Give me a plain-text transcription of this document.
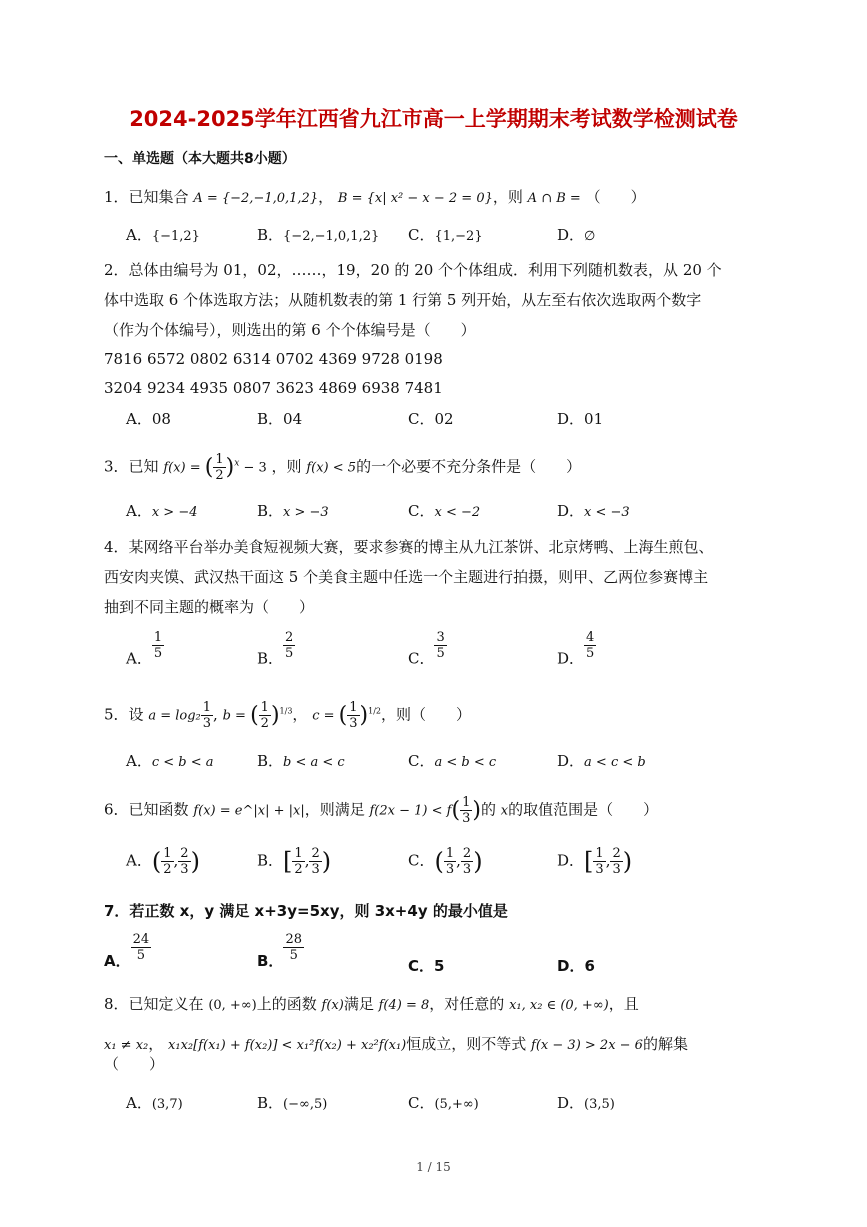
2024-2025学年江西省九江市高一上学期期末考试数学检测试卷
一、单选题（本大题共8小题）
1．已知集合 A = {−2,−1,0,1,2}， B = {x| x² − x − 2 = 0}，则 A ∩ B = （　　）
A．{−1,2}	B．{−2,−1,0,1,2} C．{1,−2}	D．∅
2．总体由编号为 01，02，……，19，20 的 20 个个体组成．利用下列随机数表，从 20 个
体中选取 6 个体选取方法；从随机数表的第 1 行第 5 列开始，从左至右依次选取两个数字
（作为个体编号），则选出的第 6 个个体编号是（　　）
7816 6572 0802 6314 0702 4369 9728 0198
3204 9234 4935 0807 3623 4869 6938 7481
A．08	B．04	C．02	D．01
3．已知 f(x) = ( $\frac{1}{2} )^x - 3$ ，则 f(x) < 5的一个必要不充分条件是（　　）
A．x > −4	B．x > −3	C．x < −2	D．x < −3
4．某网络平台举办美食短视频大赛，要求参赛的博主从九江茶饼、北京烤鸭、上海生煎包、
西安肉夹馍、武汉热干面这 5 个美食主题中任选一个主题进行拍摄，则甲、乙两位参赛博主
抽到不同主题的概率为（　　）
A． $\frac{1}{5}$	B． $\frac{2}{5}$	C． $\frac{3}{5}$	D． $\frac{4}{5}$
5．设 $a = \log_2 \frac{1}{3}$ , b = ( $\frac{1}{2} )^{1/3}$， c = ( $\frac{1}{3} )^{1/2}$，则（　　）
A．c < b < a	B．b < a < c	C．a < b < c	D．a < c < b
6．已知函数 f(x) = e^|x| + |x|，则满足 $f(2x - 1) < f( \frac{1}{3}$ )的 x的取值范围是（　　）
A．( $\frac{1}{2}$ , $\frac{2}{3}$ )	B．[ $\frac{1}{2}$ , $\frac{2}{3}$ )	C．( $\frac{1}{3}$ , $\frac{2}{3}$ )	D．[ $\frac{1}{3}$ , $\frac{2}{3}$ )
7．若正数 x，y 满足 x+3y=5xy，则 3x+4y 的最小值是
A． $\frac{24}{5}$	B． $\frac{28}{5}$
C．5	D．6
8．已知定义在 (0, +∞)上的函数 f(x)满足 f(4) = 8，对任意的 x₁, x₂ ∈ (0, +∞)，且
x₁ ≠ x₂， x₁x₂[f(x₁) + f(x₂)] < x₁²f(x₂) + x₂²f(x₁)恒成立，则不等式 f(x − 3) > 2x − 6的解集
（　　）
A．(3,7)	B．(−∞,5)	C．(5,+∞)	D．(3,5)
1 / 15
